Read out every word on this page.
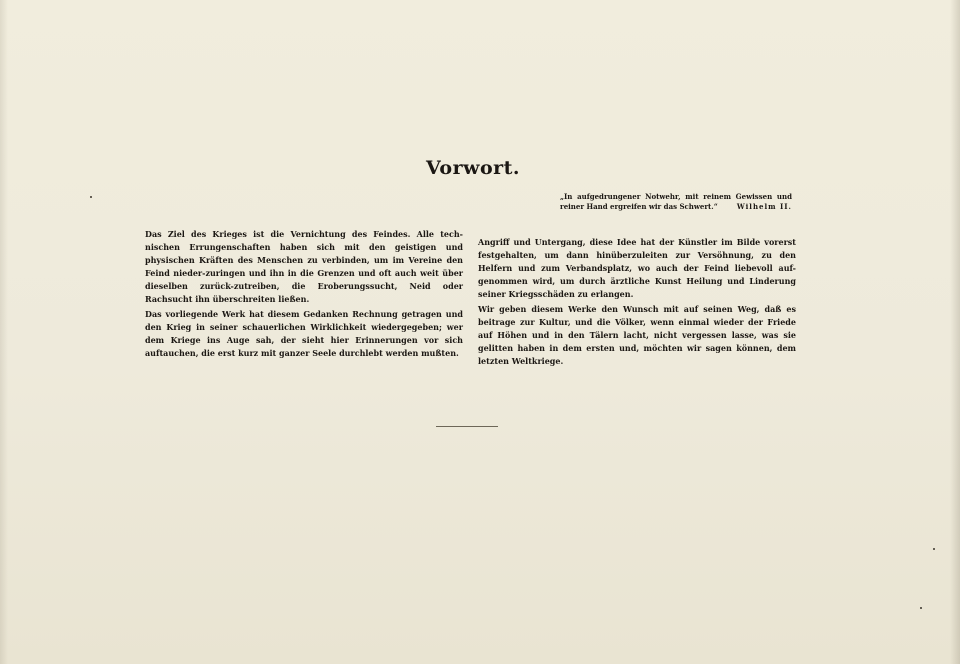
Vorwort.
„In aufgedrungener Notwehr, mit reinem Gewissen und reiner Hand ergreifen wir das Schwert.“	Wilhelm II.

Das Ziel des Krieges ist die Vernichtung des Feindes. Alle tech-nischen Errungenschaften haben sich mit den geistigen und physischen Kräften des Menschen zu verbinden, um im Vereine den Feind nieder-zuringen und ihn in die Grenzen und oft auch weit über dieselben zurück-zutreiben, die Eroberungssucht, Neid oder Rachsucht ihn überschreiten ließen.

Das vorliegende Werk hat diesem Gedanken Rechnung getragen und den Krieg in seiner schauerlichen Wirklichkeit wiedergegeben; wer dem Kriege ins Auge sah, der sieht hier Erinnerungen vor sich auftauchen, die erst kurz mit ganzer Seele durchlebt werden mußten.

Angriff und Untergang, diese Idee hat der Künstler im Bilde vorerst festgehalten, um dann hinüberzuleiten zur Versöhnung, zu den Helfern und zum Verbandsplatz, wo auch der Feind liebevoll auf-genommen wird, um durch ärztliche Kunst Heilung und Linderung seiner Kriegsschäden zu erlangen.

Wir geben diesem Werke den Wunsch mit auf seinen Weg, daß es beitrage zur Kultur, und die Völker, wenn einmal wieder der Friede auf Höhen und in den Tälern lacht, nicht vergessen lasse, was sie gelitten haben in dem ersten und, möchten wir sagen können, dem letzten Weltkriege.
